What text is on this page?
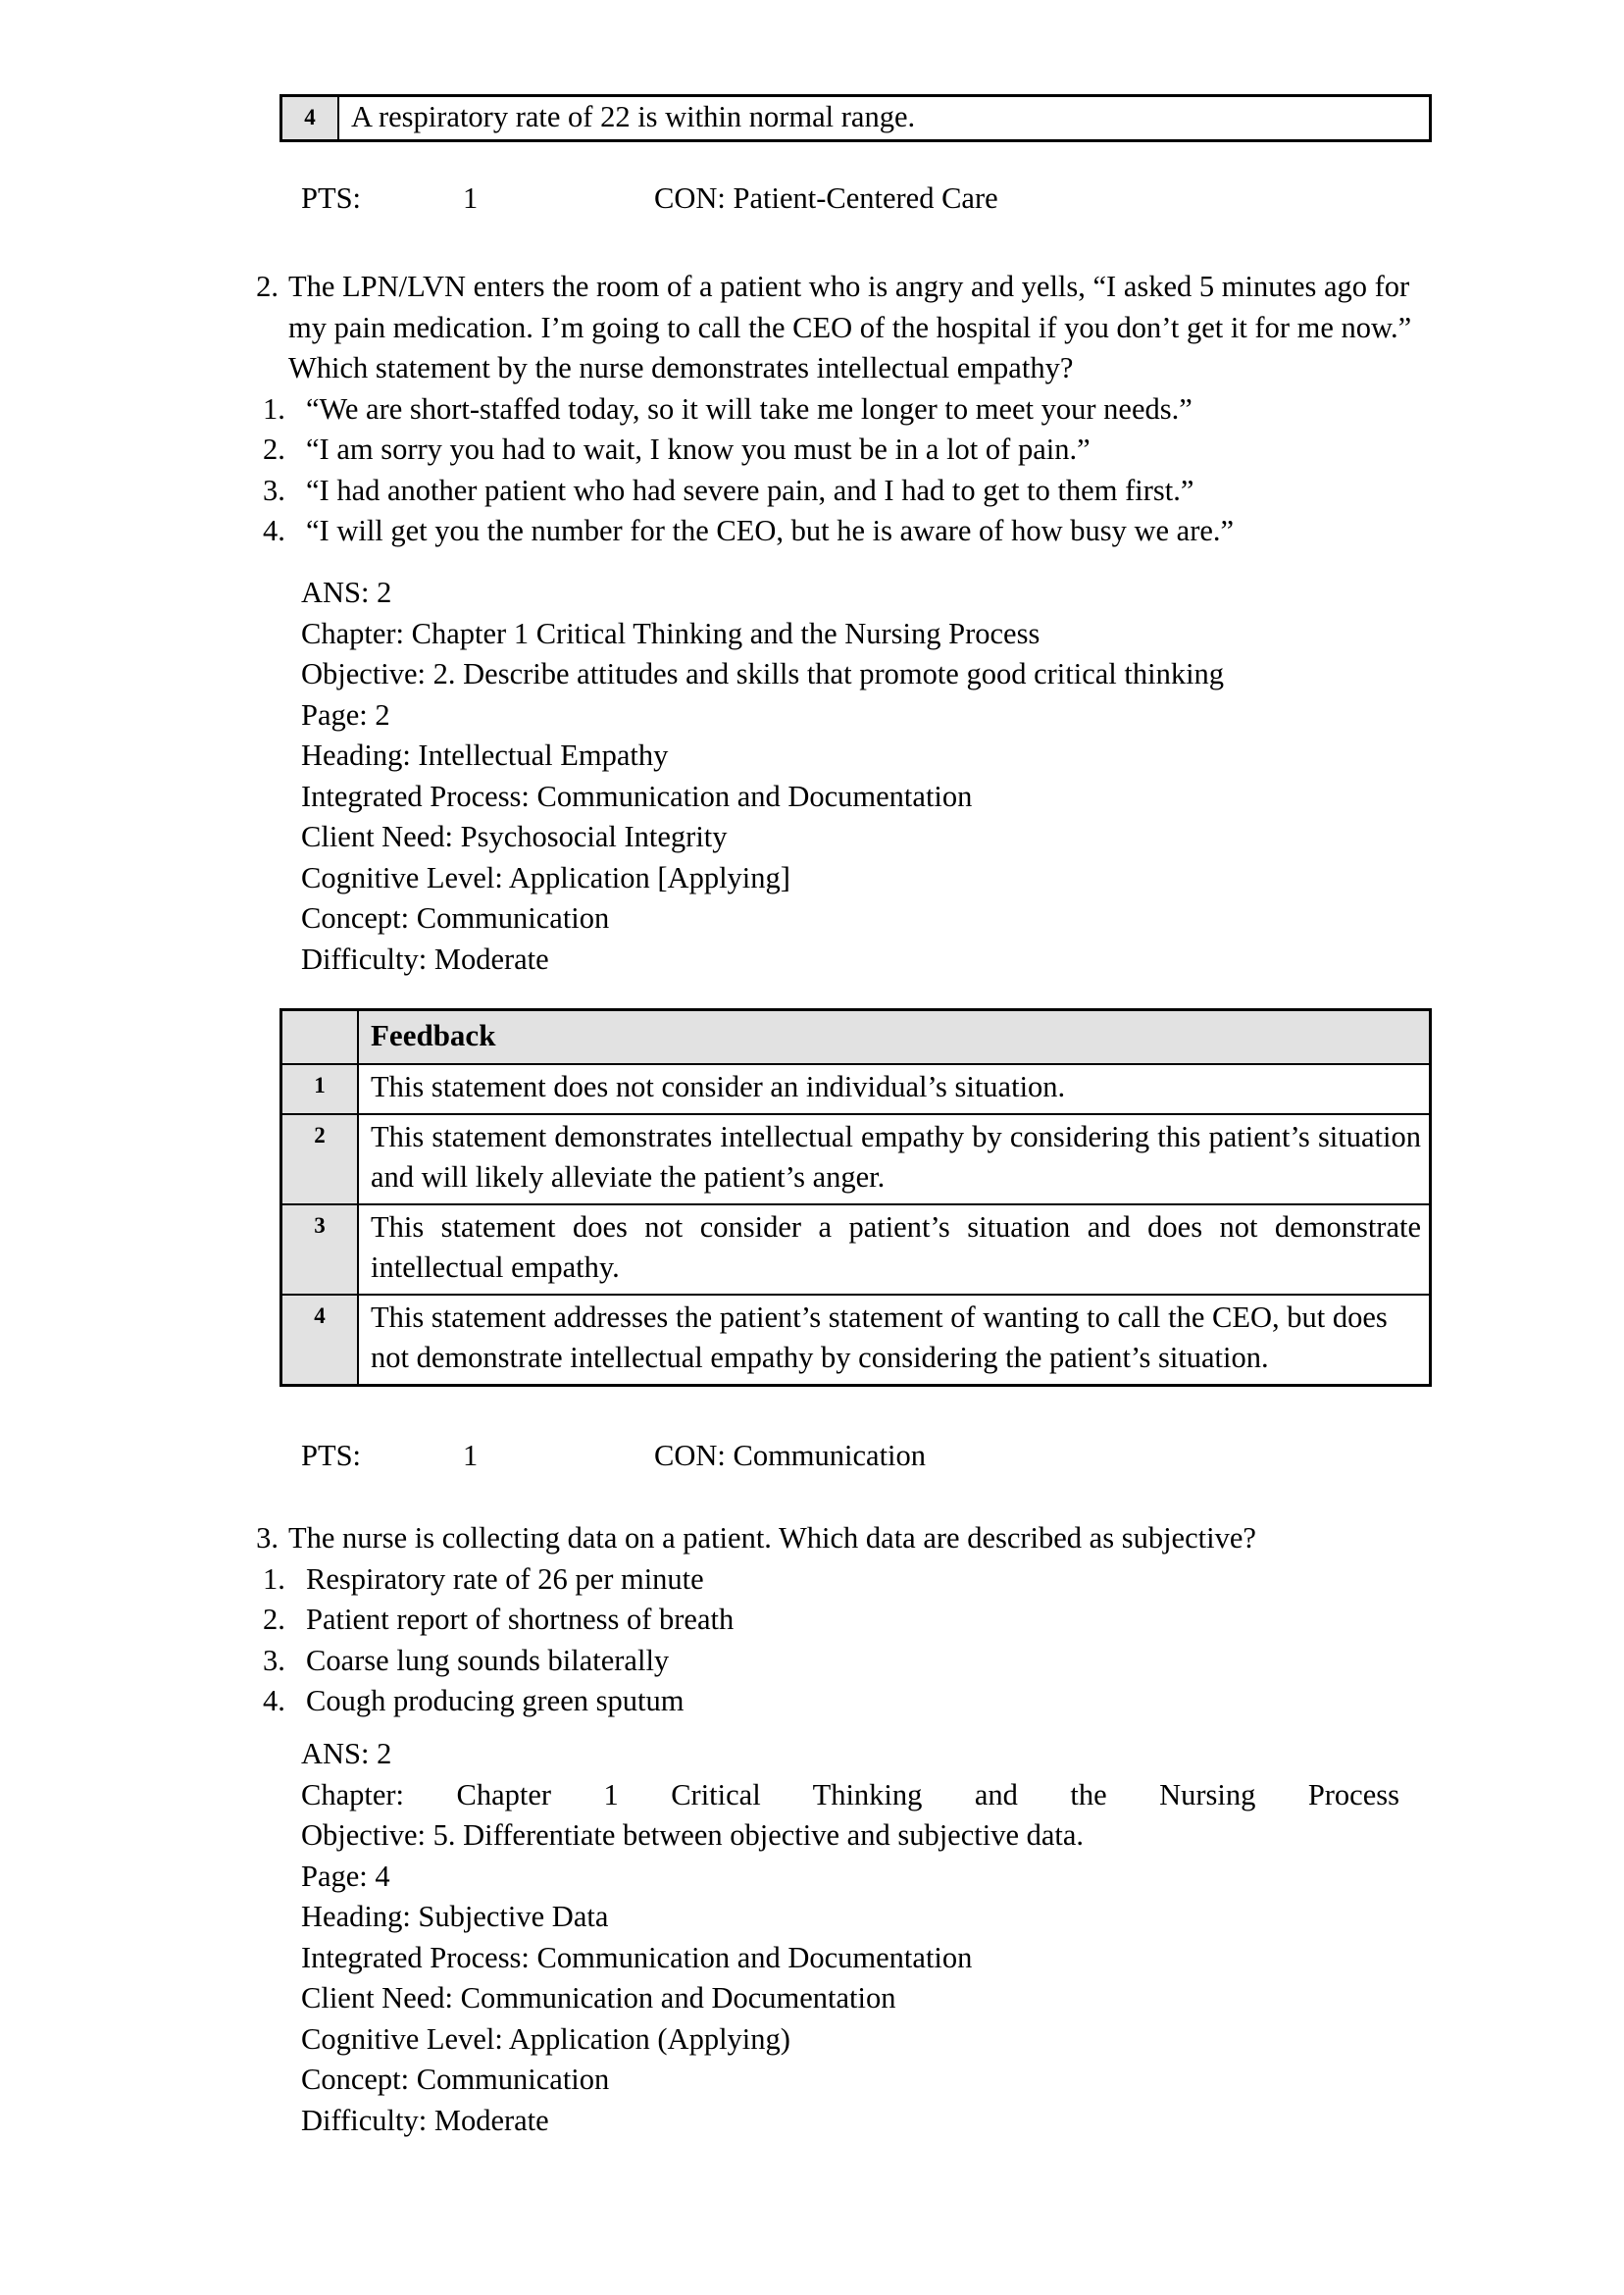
4	A respiratory rate of 22 is within normal range.
PTS:	1	CON: Patient-Centered Care
2. The LPN/LVN enters the room of a patient who is angry and yells, “I asked 5 minutes ago for my pain medication. I’m going to call the CEO of the hospital if you don’t get it for me now.” Which statement by the nurse demonstrates intellectual empathy?
1. “We are short-staffed today, so it will take me longer to meet your needs.”
2. “I am sorry you had to wait, I know you must be in a lot of pain.”
3. “I had another patient who had severe pain, and I had to get to them first.”
4. “I will get you the number for the CEO, but he is aware of how busy we are.”
ANS: 2
Chapter: Chapter 1 Critical Thinking and the Nursing Process
Objective: 2. Describe attitudes and skills that promote good critical thinking
Page: 2
Heading: Intellectual Empathy
Integrated Process: Communication and Documentation
Client Need: Psychosocial Integrity
Cognitive Level: Application [Applying]
Concept: Communication
Difficulty: Moderate
	Feedback
1	This statement does not consider an individual’s situation.
2	This statement demonstrates intellectual empathy by considering this patient’s situation and will likely alleviate the patient’s anger.
3	This statement does not consider a patient’s situation and does not demonstrate intellectual empathy.
4	This statement addresses the patient’s statement of wanting to call the CEO, but does not demonstrate intellectual empathy by considering the patient’s situation.
PTS:	1	CON: Communication
3. The nurse is collecting data on a patient. Which data are described as subjective?
1. Respiratory rate of 26 per minute
2. Patient report of shortness of breath
3. Coarse lung sounds bilaterally
4. Cough producing green sputum
ANS: 2
Chapter: Chapter 1 Critical Thinking and the Nursing Process
Objective: 5. Differentiate between objective and subjective data.
Page: 4
Heading: Subjective Data
Integrated Process: Communication and Documentation
Client Need: Communication and Documentation
Cognitive Level: Application (Applying)
Concept: Communication
Difficulty: Moderate
